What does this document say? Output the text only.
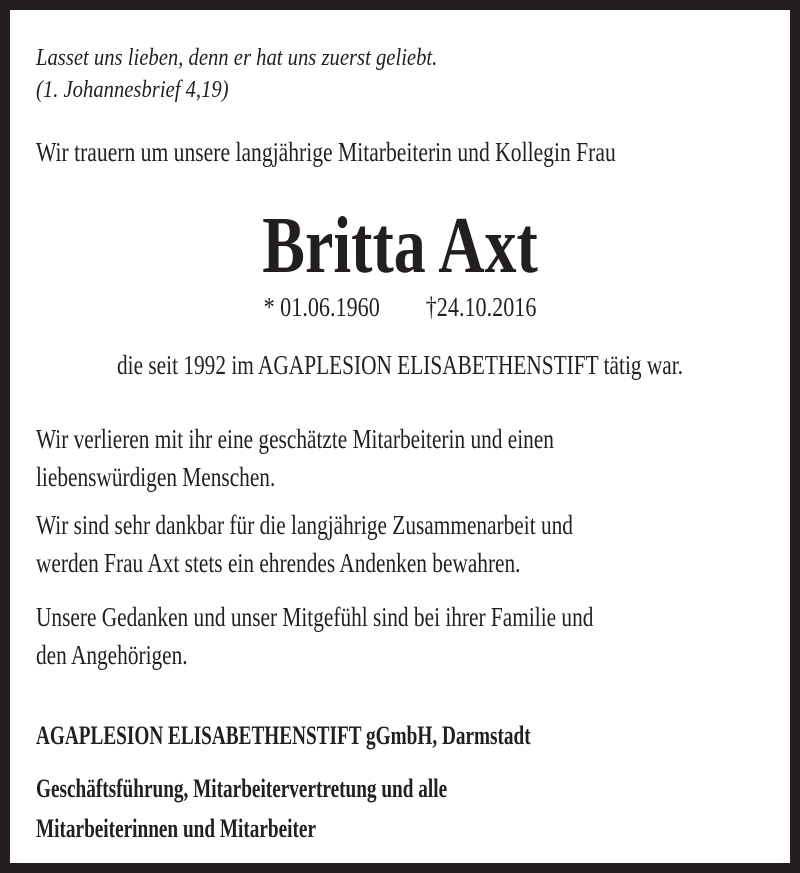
Lasset uns lieben, denn er hat uns zuerst geliebt.
(1. Johannesbrief 4,19)
Wir trauern um unsere langjährige Mitarbeiterin und Kollegin Frau
Britta Axt
* 01.06.1960 †24.10.2016
die seit 1992 im AGAPLESION ELISABETHENSTIFT tätig war.
Wir verlieren mit ihr eine geschätzte Mitarbeiterin und einen
liebenswürdigen Menschen.
Wir sind sehr dankbar für die langjährige Zusammenarbeit und
werden Frau Axt stets ein ehrendes Andenken bewahren.
Unsere Gedanken und unser Mitgefühl sind bei ihrer Familie und
den Angehörigen.
AGAPLESION ELISABETHENSTIFT gGmbH, Darmstadt
Geschäftsführung, Mitarbeitervertretung und alle
Mitarbeiterinnen und Mitarbeiter
